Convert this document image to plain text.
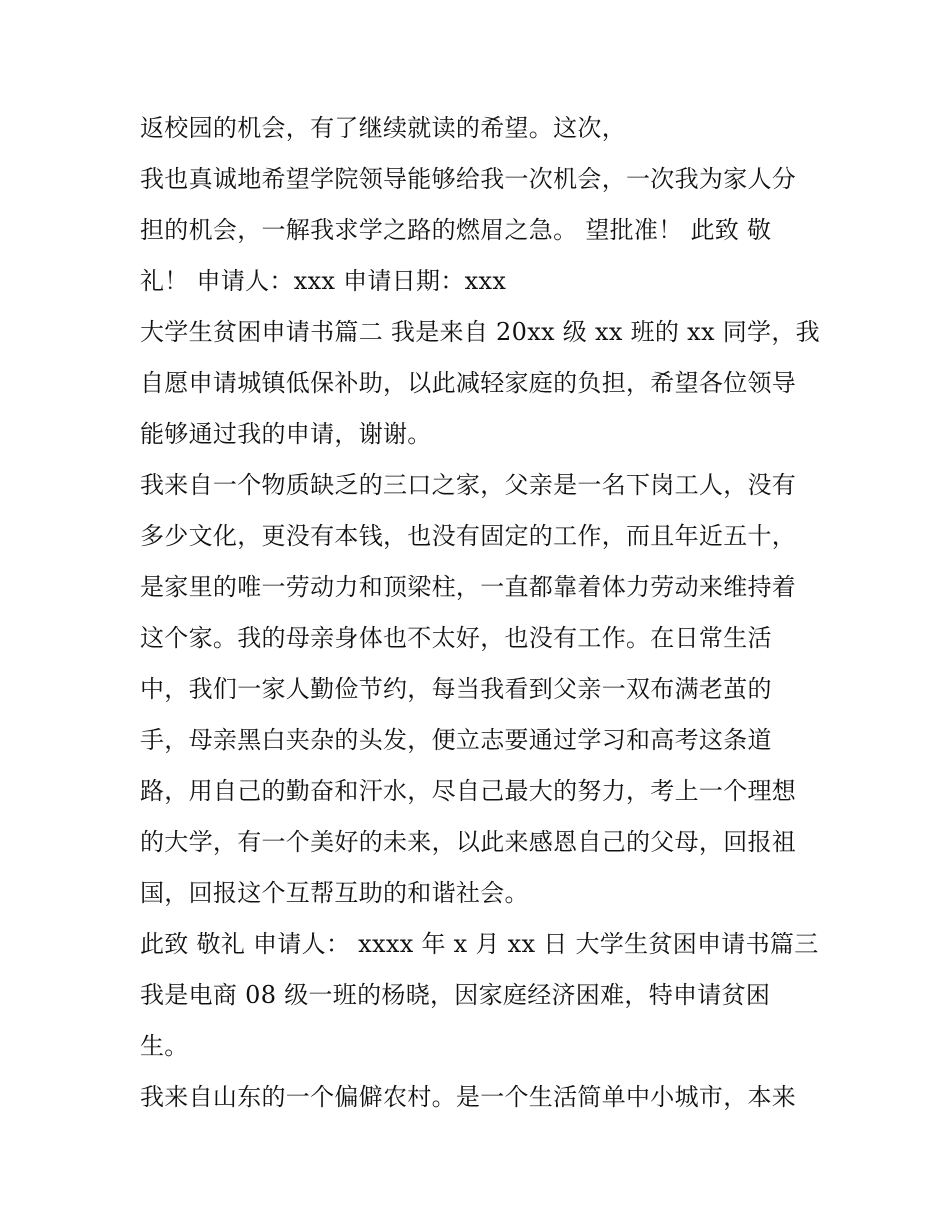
返校园的机会，有了继续就读的希望。这次，
我也真诚地希望学院领导能够给我一次机会，一次我为家人分
担的机会，一解我求学之路的燃眉之急。 望批准！ 此致 敬
礼！ 申请人：xxx 申请日期：xxx
大学生贫困申请书篇二 我是来自 20xx 级 xx 班的 xx 同学，我
自愿申请城镇低保补助，以此减轻家庭的负担，希望各位领导
能够通过我的申请，谢谢。
我来自一个物质缺乏的三口之家，父亲是一名下岗工人，没有
多少文化，更没有本钱，也没有固定的工作，而且年近五十，
是家里的唯一劳动力和顶梁柱，一直都靠着体力劳动来维持着
这个家。我的母亲身体也不太好，也没有工作。在日常生活
中，我们一家人勤俭节约，每当我看到父亲一双布满老茧的
手，母亲黑白夹杂的头发，便立志要通过学习和高考这条道
路，用自己的勤奋和汗水，尽自己最大的努力，考上一个理想
的大学，有一个美好的未来，以此来感恩自己的父母，回报祖
国，回报这个互帮互助的和谐社会。
此致 敬礼 申请人： xxxx 年 x 月 xx 日 大学生贫困申请书篇三
我是电商 08 级一班的杨晓，因家庭经济困难，特申请贫困
生。
我来自山东的一个偏僻农村。是一个生活简单中小城市，本来
